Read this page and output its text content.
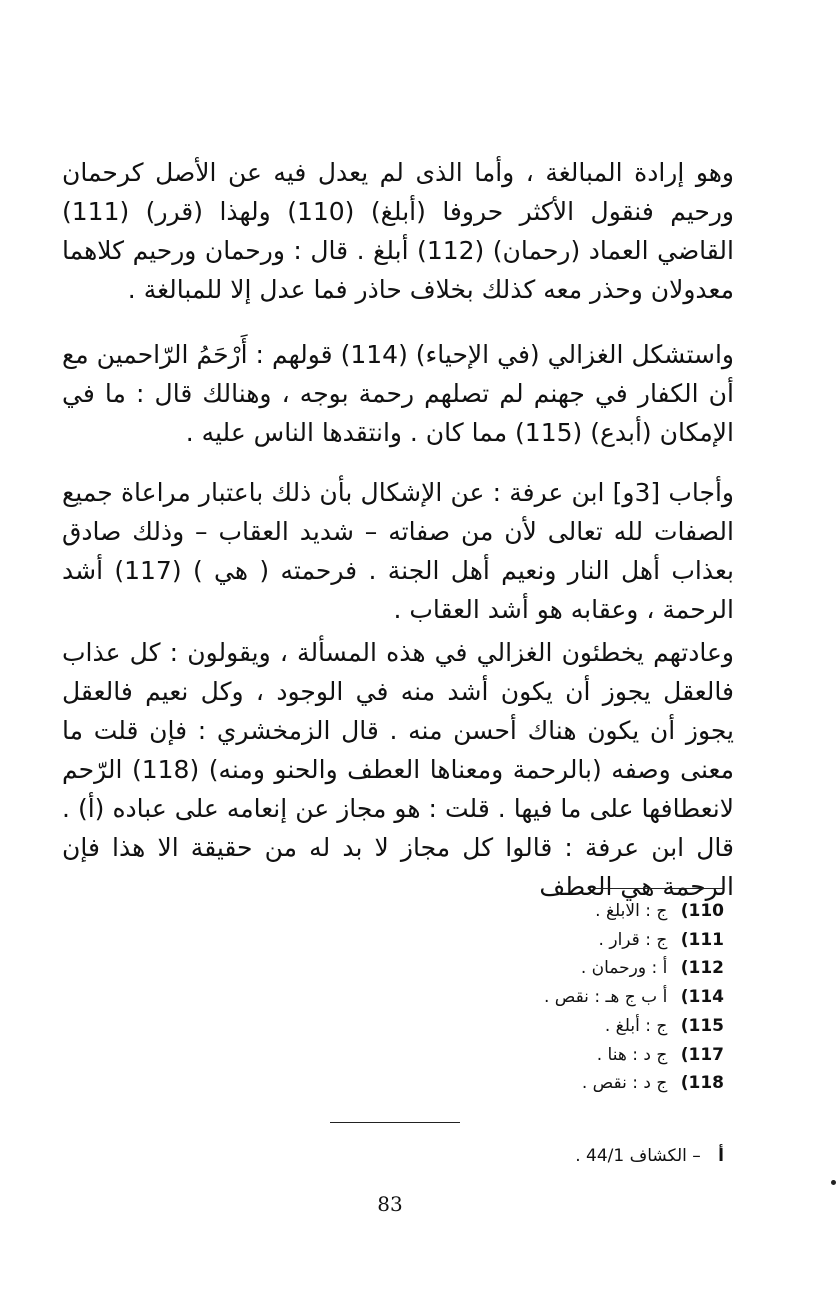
وهو إرادة المبالغة ، وأما الذى لم يعدل فيه عن الأصل كرحمان ورحيم فنقول الأكثر حروفا (أبلغ) (110) ولهذا (قرر) (111) القاضي العماد (رحمان) (112) أبلغ . قال : ورحمان ورحيم كلاهما معدولان وحذر معه كذلك بخلاف حاذر فما عدل إلا للمبالغة .

واستشكل الغزالي (في الإحياء) (114) قولهم : أَرْحَمُ الرّاحمين مع أن الكفار في جهنم لم تصلهم رحمة بوجه ، وهنالك قال : ما في الإمكان (أبدع) (115) مما كان . وانتقدها الناس عليه .

وأجاب [3و] ابن عرفة : عن الإشكال بأن ذلك باعتبار مراعاة جميع الصفات لله تعالى لأن من صفاته – شديد العقاب – وذلك صادق بعذاب أهل النار ونعيم أهل الجنة . فرحمته ( هي ) (117) أشد الرحمة ، وعقابه هو أشد العقاب .

وعادتهم يخطئون الغزالي في هذه المسألة ، ويقولون : كل عذاب فالعقل يجوز أن يكون أشد منه في الوجود ، وكل نعيم فالعقل يجوز أن يكون هناك أحسن منه . قال الزمخشري : فإن قلت ما معنى وصفه (بالرحمة ومعناها العطف والحنو ومنه) (118) الرّحم لانعطافها على ما فيها . قلت : هو مجاز عن إنعامه على عباده (أ) . قال ابن عرفة : قالوا كل مجاز لا بد له من حقيقة الا هذا فإن الرحمة هي العطف

110) ج : الابلغ .
111) ج : قرار .
112) أ : ورحمان .
114) أ ب ج هـ : نقص .
115) ج : أبلغ .
117) ج د : هنا .
118) ج د : نقص .
أ – الكشاف 44/1 .
83
